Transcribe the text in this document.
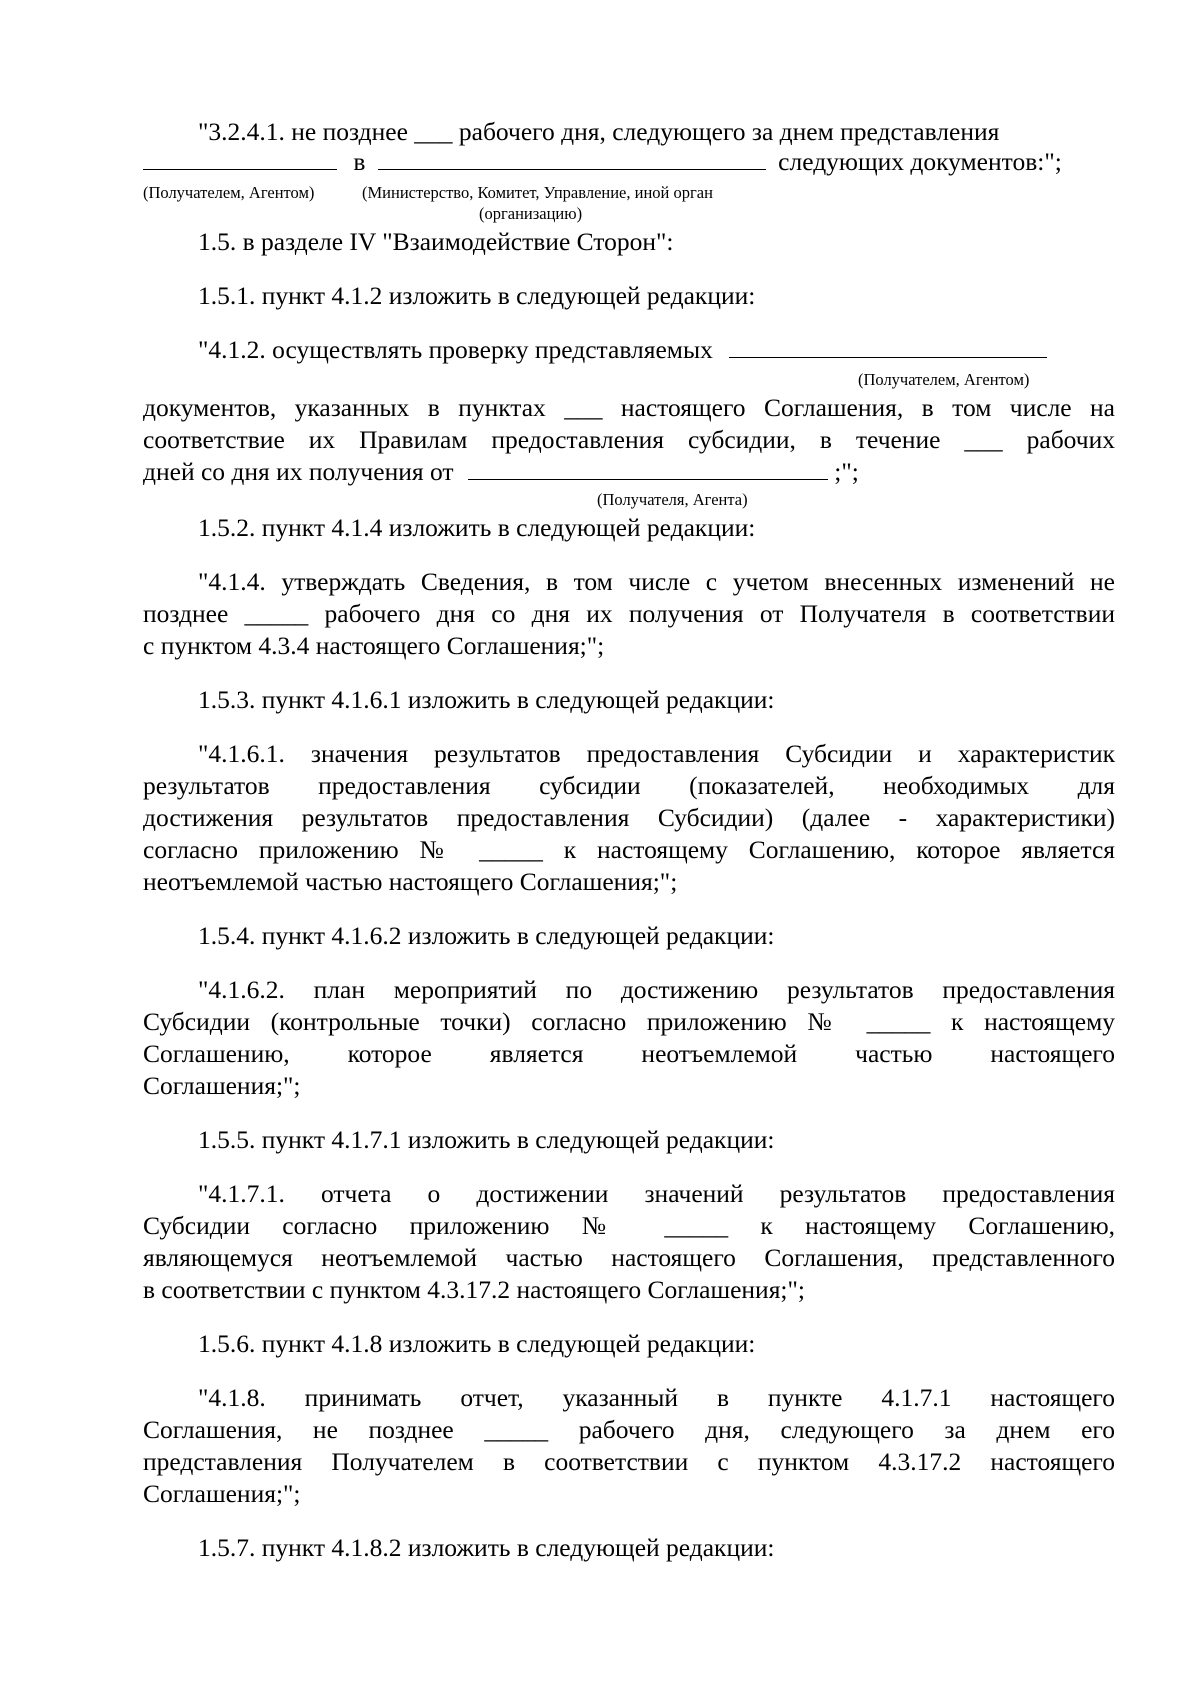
"3.2.4.1. не позднее ___ рабочего дня, следующего за днем представления
в	следующих документов:";
(Получателем, Агентом)	(Министерство, Комитет, Управление, иной орган
(организацию)
1.5. в разделе IV "Взаимодействие Сторон":
1.5.1. пункт 4.1.2 изложить в следующей редакции:
"4.1.2. осуществлять проверку представляемых
(Получателем, Агентом)
документов, указанных в пунктах ___ настоящего Соглашения, в том числе на
соответствие их Правилам предоставления субсидии, в течение ___ рабочих
дней со дня их получения от	;";
(Получателя, Агента)
1.5.2. пункт 4.1.4 изложить в следующей редакции:
"4.1.4. утверждать Сведения, в том числе с учетом внесенных изменений не
позднее _____ рабочего дня со дня их получения от Получателя в соответствии
с пунктом 4.3.4 настоящего Соглашения;";
1.5.3. пункт 4.1.6.1 изложить в следующей редакции:
"4.1.6.1. значения результатов предоставления Субсидии и характеристик
результатов предоставления субсидии (показателей, необходимых для
достижения результатов предоставления Субсидии) (далее - характеристики)
согласно приложению № _____ к настоящему Соглашению, которое является
неотъемлемой частью настоящего Соглашения;";
1.5.4. пункт 4.1.6.2 изложить в следующей редакции:
"4.1.6.2. план мероприятий по достижению результатов предоставления
Субсидии (контрольные точки) согласно приложению № _____ к настоящему
Соглашению, которое является неотъемлемой частью настоящего
Соглашения;";
1.5.5. пункт 4.1.7.1 изложить в следующей редакции:
"4.1.7.1. отчета о достижении значений результатов предоставления
Субсидии согласно приложению № _____ к настоящему Соглашению,
являющемуся неотъемлемой частью настоящего Соглашения, представленного
в соответствии с пунктом 4.3.17.2 настоящего Соглашения;";
1.5.6. пункт 4.1.8 изложить в следующей редакции:
"4.1.8. принимать отчет, указанный в пункте 4.1.7.1 настоящего
Соглашения, не позднее _____ рабочего дня, следующего за днем его
представления Получателем в соответствии с пунктом 4.3.17.2 настоящего
Соглашения;";
1.5.7. пункт 4.1.8.2 изложить в следующей редакции:
